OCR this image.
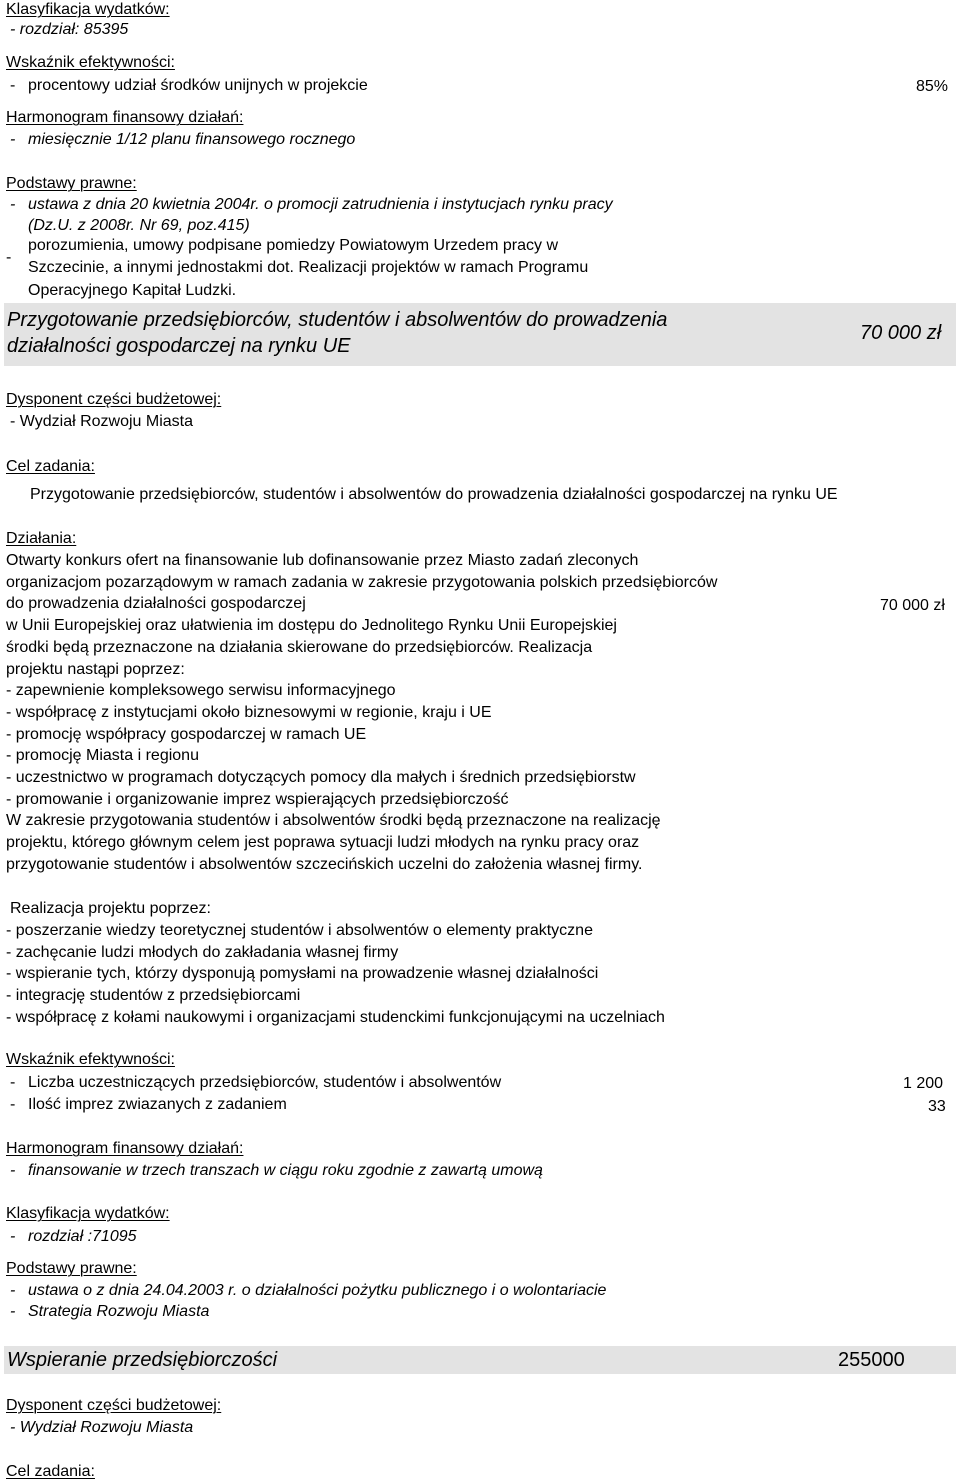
Klasyfikacja wydatków:
- rozdział: 85395
Wskaźnik efektywności:
- procentowy udział środków unijnych w projekcie	85%
Harmonogram finansowy działań:
- miesięcznie 1/12 planu finansowego rocznego
Podstawy prawne:
- ustawa z dnia 20 kwietnia 2004r. o promocji zatrudnienia i instytucjach rynku pracy
(Dz.U. z 2008r. Nr 69, poz.415)
-
porozumienia, umowy podpisane pomiedzy Powiatowym Urzedem pracy w
Szczecinie, a innymi jednostakmi dot. Realizacji projektów w ramach Programu
Operacyjnego Kapitał Ludzki.
Przygotowanie przedsiębiorców, studentów i absolwentów do prowadzenia
działalności gospodarczej na rynku UE
70 000 zł
Dysponent części budżetowej:
- Wydział Rozwoju Miasta
Cel zadania:
Przygotowanie przedsiębiorców, studentów i absolwentów do prowadzenia działalności gospodarczej na rynku UE
Działania:
Otwarty konkurs ofert na finansowanie lub dofinansowanie przez Miasto zadań zleconych
organizacjom pozarządowym w ramach zadania w zakresie przygotowania polskich przedsiębiorców
do prowadzenia działalności gospodarczej
w Unii Europejskiej oraz ułatwienia im dostępu do Jednolitego Rynku Unii Europejskiej
środki będą przeznaczone na działania skierowane do przedsiębiorców. Realizacja
projektu nastąpi poprzez:
- zapewnienie kompleksowego serwisu informacyjnego
- współpracę z instytucjami około biznesowymi w regionie, kraju i UE
- promocję współpracy gospodarczej w ramach UE
- promocję Miasta i regionu
- uczestnictwo w programach dotyczących pomocy dla małych i średnich przedsiębiorstw
- promowanie i organizowanie imprez wspierających przedsiębiorczość
W zakresie przygotowania studentów i absolwentów środki będą przeznaczone na realizację
projektu, którego głównym celem jest poprawa sytuacji ludzi młodych na rynku pracy oraz
przygotowanie studentów i absolwentów szczecińskich uczelni do założenia własnej firmy.
70 000 zł
Realizacja projektu poprzez:
- poszerzanie wiedzy teoretycznej studentów i absolwentów o elementy praktyczne
- zachęcanie ludzi młodych do zakładania własnej firmy
- wspieranie tych, którzy dysponują pomysłami na prowadzenie własnej działalności
- integrację studentów z przedsiębiorcami
- współpracę z kołami naukowymi i organizacjami studenckimi funkcjonującymi na uczelniach
Wskaźnik efektywności:
- Liczba uczestniczących przedsiębiorców, studentów i absolwentów	1 200
- Ilość imprez zwiazanych z zadaniem	33
Harmonogram finansowy działań:
- finansowanie w trzech transzach w ciągu roku zgodnie z zawartą umową
Klasyfikacja wydatków:
- rozdział :71095
Podstawy prawne:
- ustawa o z dnia 24.04.2003 r. o działalności pożytku publicznego i o wolontariacie
- Strategia Rozwoju Miasta
Wspieranie przedsiębiorczości	255000
Dysponent części budżetowej:
- Wydział Rozwoju Miasta
Cel zadania:
